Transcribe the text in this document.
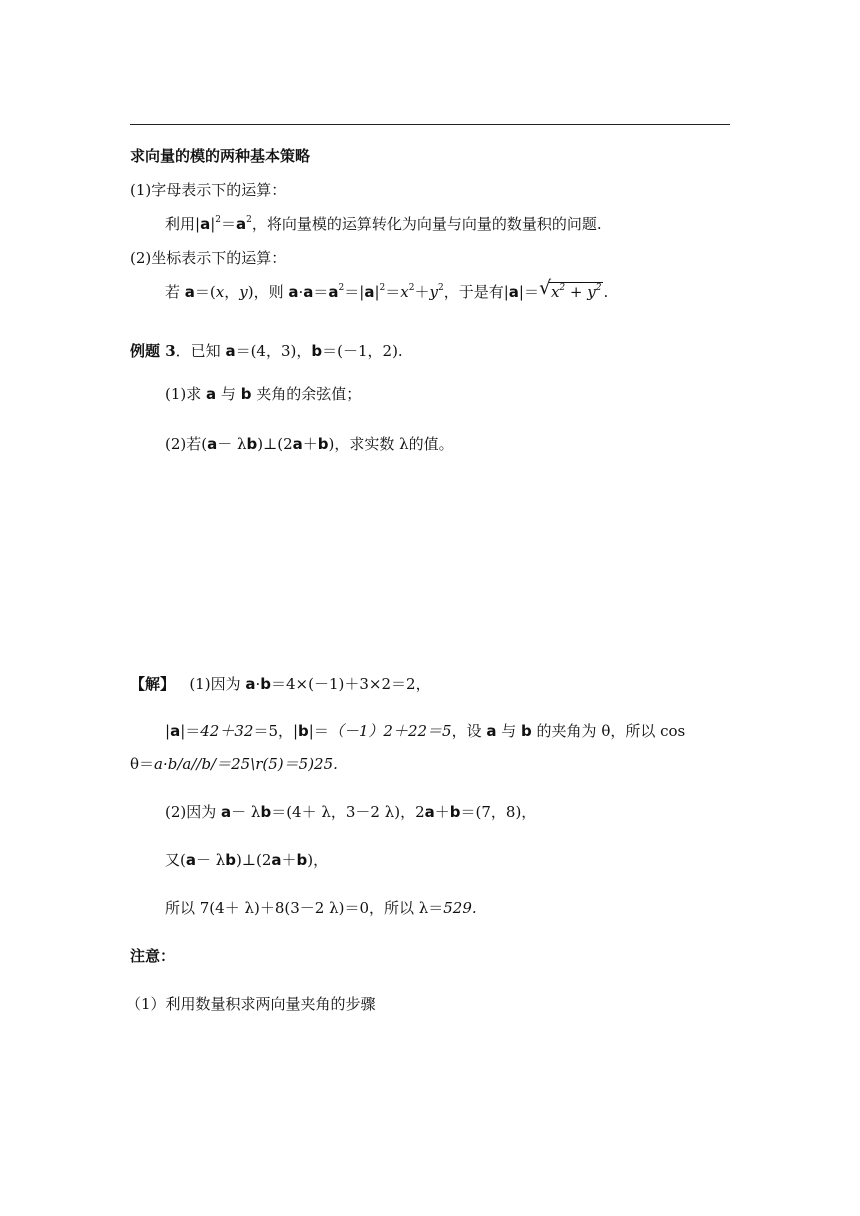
求向量的模的两种基本策略
(1)字母表示下的运算：
利用$|a|^2=a^2$，将向量模的运算转化为向量与向量的数量积的问题.
(2)坐标表示下的运算：
若 a＝(x，y)，则 $a\cdot a=a^2=|a|^2=x^2+y^2$，于是有|a|＝ √ $x^2 + y^2$ .
例题 3．已知 a＝(4，3)，b＝(－1，2).
(1)求 a 与 b 夹角的余弦值；
(2)若(a－ λb)⊥(2a＋b)，求实数 λ的值。
【解】 (1)因为 a·b＝4×(－1)＋3×2＝2，
|a|＝42＋32＝5，|b|＝（－1）2＋22＝5，设 a 与 b 的夹角为 θ，所以 cos
θ＝a·b/a//b/＝25\r(5)＝5)25.
(2)因为 a－ λb＝(4＋ λ，3－2 λ)，2a＋b＝(7，8)，
又(a－ λb)⊥(2a＋b)，
所以 7(4＋ λ)＋8(3－2 λ)＝0，所以 λ＝529.
注意：
（1）利用数量积求两向量夹角的步骤
